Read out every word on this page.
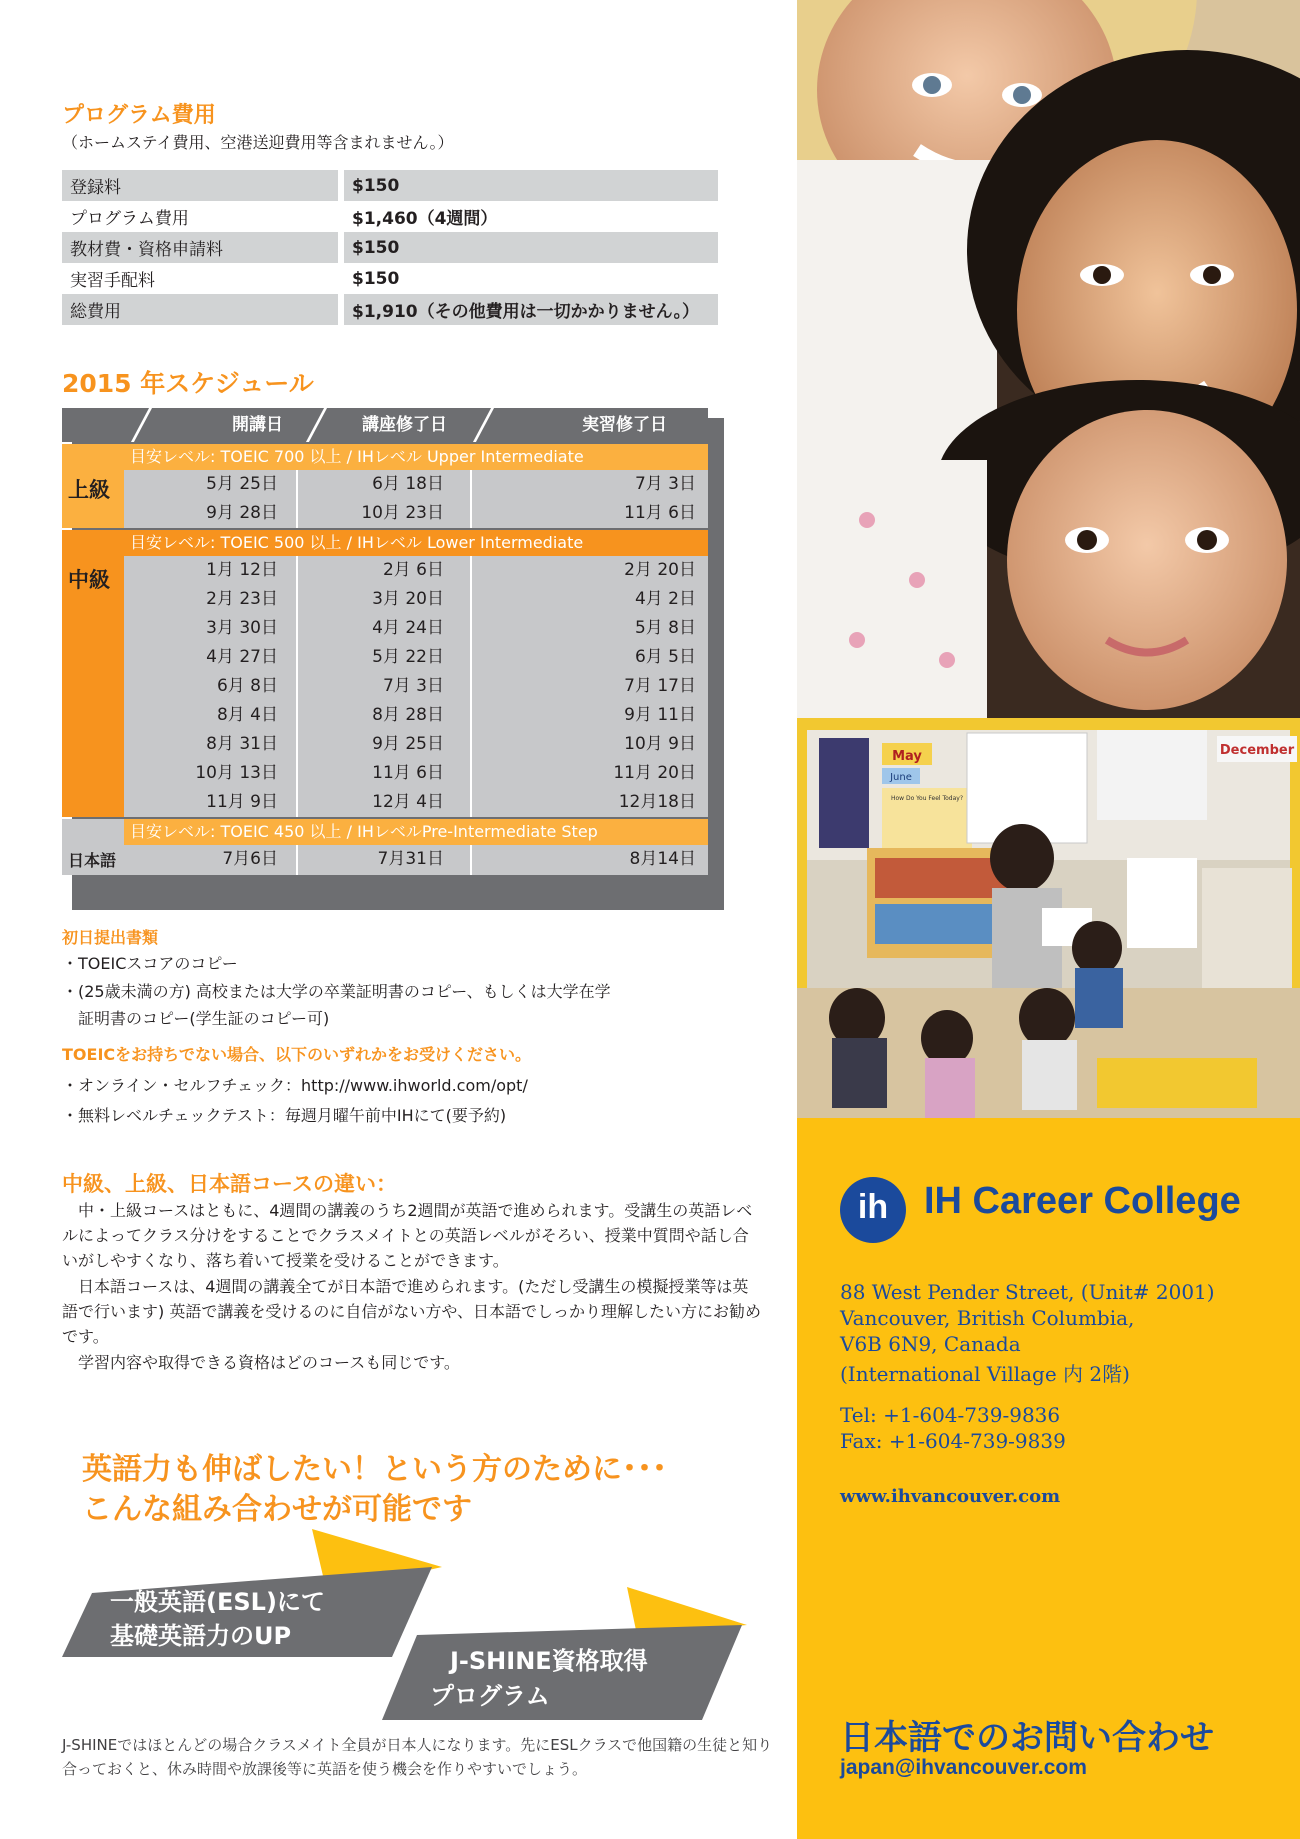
プログラム費用
（ホームステイ費用、空港送迎費用等含まれません。）
登録料	$150
プログラム費用	$1,460（4週間）
教材費・資格申請料	$150
実習手配料	$150
総費用	$1,910（その他費用は一切かかりません。）
2015 年スケジュール
開講日	講座修了日	実習修了日
上級
目安レベル: TOEIC 700 以上 / IHレベル Upper Intermediate
5月 25日	6月 18日	7月 3日
9月 28日	10月 23日	11月 6日
中級
目安レベル: TOEIC 500 以上 / IHレベル Lower Intermediate
1月 12日	2月 6日	2月 20日
2月 23日	3月 20日	4月 2日
3月 30日	4月 24日	5月 8日
4月 27日	5月 22日	6月 5日
6月 8日	7月 3日	7月 17日
8月 4日	8月 28日	9月 11日
8月 31日	9月 25日	10月 9日
10月 13日	11月 6日	11月 20日
11月 9日	12月 4日	12月18日
日本語
目安レベル: TOEIC 450 以上 / IHレベルPre‐Intermediate Step
7月6日	7月31日	8月14日
初日提出書類
・TOEICスコアのコピー
・(25歳未満の方) 高校または大学の卒業証明書のコピー、もしくは大学在学
　証明書のコピー(学生証のコピー可)
TOEICをお持ちでない場合、以下のいずれかをお受けください。
・オンライン・セルフチェック：http://www.ihworld.com/opt/
・無料レベルチェックテスト：毎週月曜午前中IHにて(要予約)
中級、上級、日本語コースの違い：
　中・上級コースはともに、4週間の講義のうち2週間が英語で進められます。受講生の英語レベルによってクラス分けをすることでクラスメイトとの英語レベルがそろい、授業中質問や話し合いがしやすくなり、落ち着いて授業を受けることができます。
　日本語コースは、4週間の講義全てが日本語で進められます。(ただし受講生の模擬授業等は英語で行います) 英語で講義を受けるのに自信がない方や、日本語でしっかり理解したい方にお勧めです。
　学習内容や取得できる資格はどのコースも同じです。
英語力も伸ばしたい！という方のために･･･
こんな組み合わせが可能です
一般英語(ESL)にて
基礎英語力のUP
J-SHINE資格取得
プログラム
J-SHINEではほとんどの場合クラスメイト全員が日本人になります。先にESLクラスで他国籍の生徒と知り合っておくと、休み時間や放課後等に英語を使う機会を作りやすいでしょう。
May
June
How Do You Feel Today?
December
ih IH Career College
88 West Pender Street, (Unit# 2001)
Vancouver, British Columbia,
V6B 6N9, Canada
(International Village 内 2階)
Tel: +1-604-739-9836
Fax: +1-604-739-9839
www.ihvancouver.com
日本語でのお問い合わせ
japan@ihvancouver.com
